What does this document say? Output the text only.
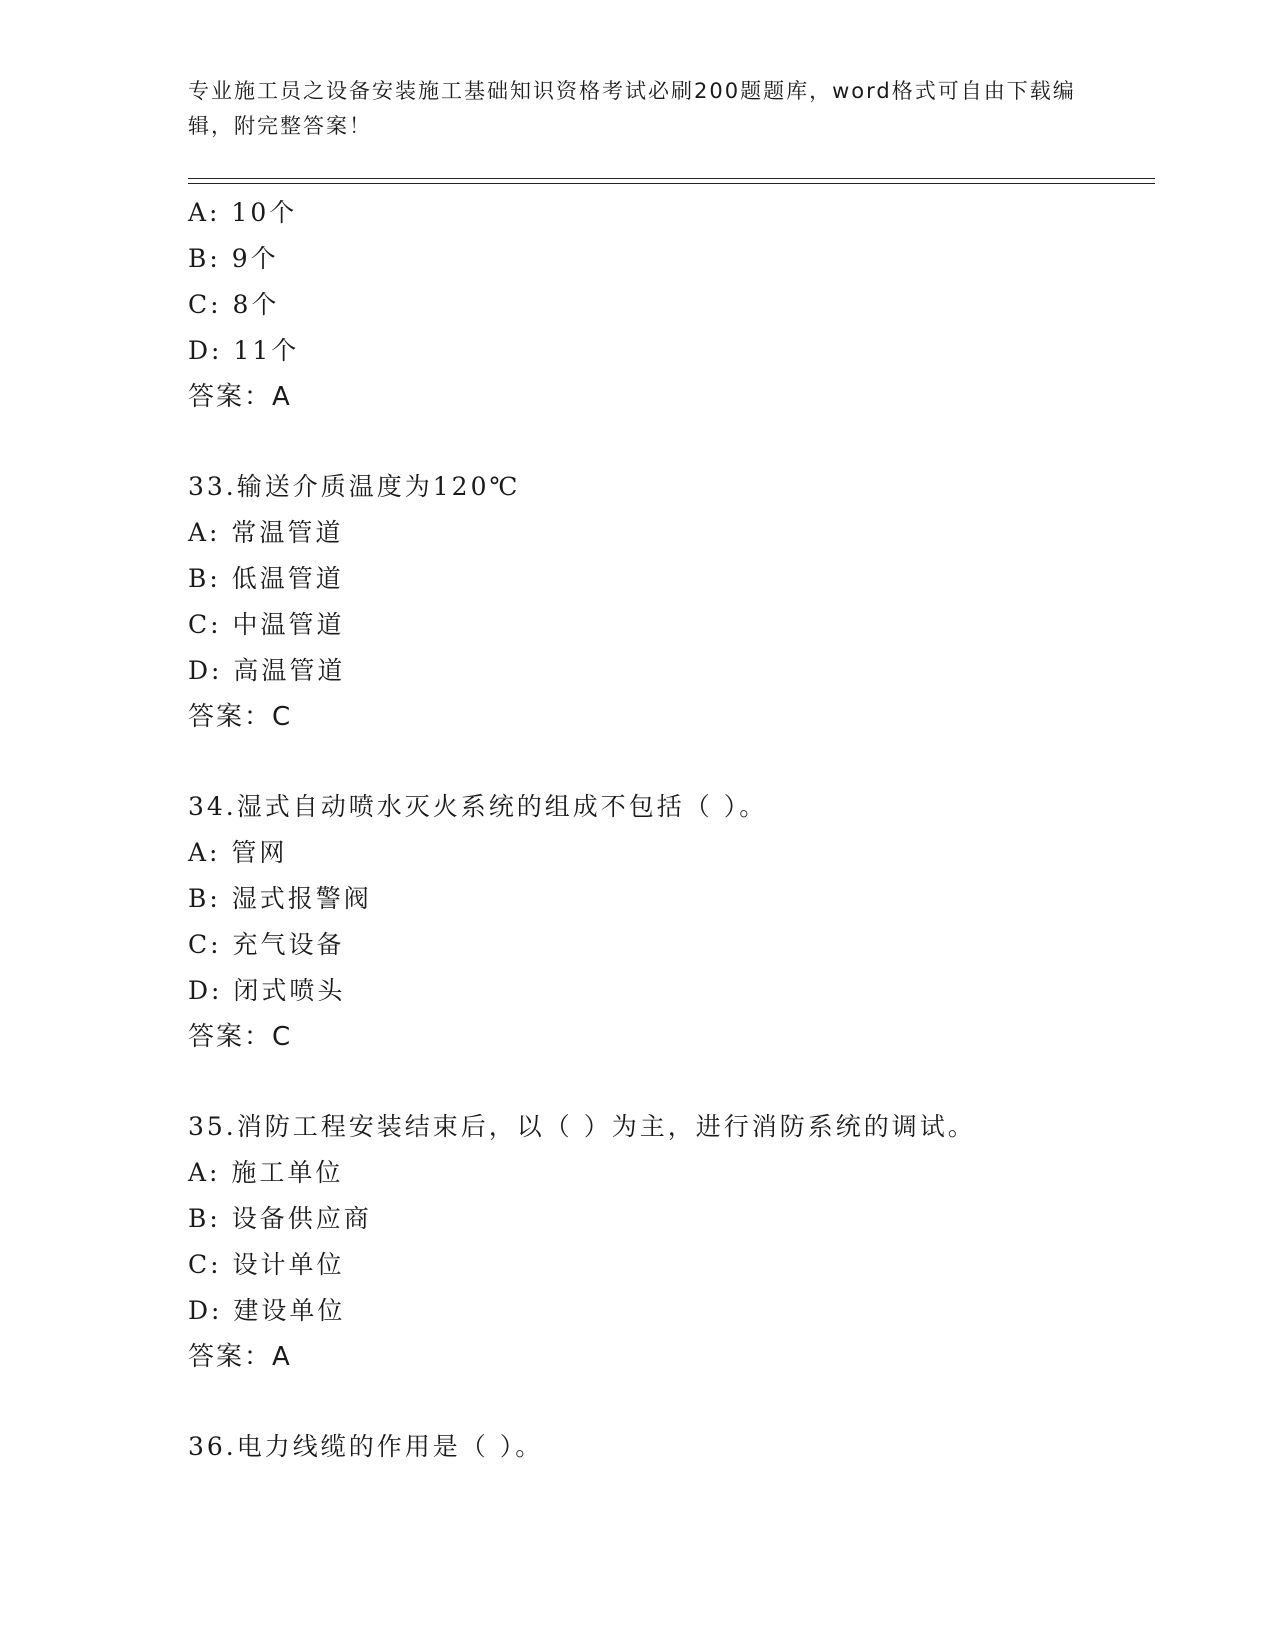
专业施工员之设备安装施工基础知识资格考试必刷200题题库，word格式可自由下载编辑，附完整答案！
A: 10个
B: 9个
C: 8个
D: 11个
答案：A
33.输送介质温度为120℃
A: 常温管道
B: 低温管道
C: 中温管道
D: 高温管道
答案：C
34.湿式自动喷水灭火系统的组成不包括（ ）。
A: 管网
B: 湿式报警阀
C: 充气设备
D: 闭式喷头
答案：C
35.消防工程安装结束后，以（ ）为主，进行消防系统的调试。
A: 施工单位
B: 设备供应商
C: 设计单位
D: 建设单位
答案：A
36.电力线缆的作用是（ ）。
